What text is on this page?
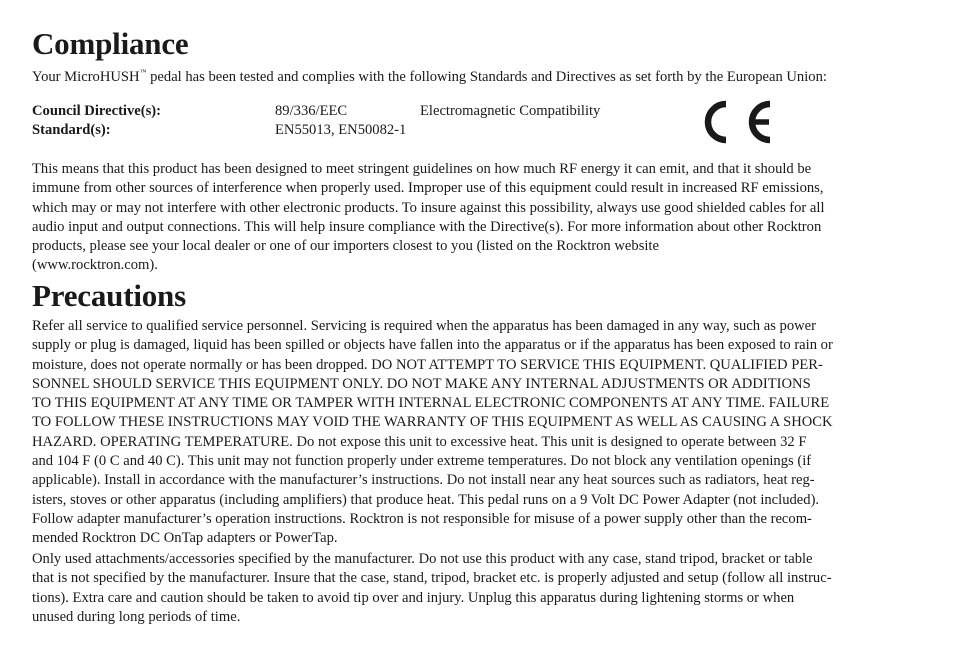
Compliance
Your MicroHUSH™ pedal has been tested and complies with the following Standards and Directives as set forth by the European Union:
Council Directive(s):	89/336/EEC	Electromagnetic Compatibility
Standard(s):	EN55013, EN50082-1

This means that this product has been designed to meet stringent guidelines on how much RF energy it can emit, and that it should be
immune from other sources of interference when properly used. Improper use of this equipment could result in increased RF emissions,
which may or may not interfere with other electronic products. To insure against this possibility, always use good shielded cables for all
audio input and output connections. This will help insure compliance with the Directive(s). For more information about other Rocktron
products, please see your local dealer or one of our importers closest to you (listed on the Rocktron website
(www.rocktron.com).

Precautions

Refer all service to qualified service personnel. Servicing is required when the apparatus has been damaged in any way, such as power
supply or plug is damaged, liquid has been spilled or objects have fallen into the apparatus or if the apparatus has been exposed to rain or
moisture, does not operate normally or has been dropped. DO NOT ATTEMPT TO SERVICE THIS EQUIPMENT. QUALIFIED PER-
SONNEL SHOULD SERVICE THIS EQUIPMENT ONLY. DO NOT MAKE ANY INTERNAL ADJUSTMENTS OR ADDITIONS
TO THIS EQUIPMENT AT ANY TIME OR TAMPER WITH INTERNAL ELECTRONIC COMPONENTS AT ANY TIME. FAILURE
TO FOLLOW THESE INSTRUCTIONS MAY VOID THE WARRANTY OF THIS EQUIPMENT AS WELL AS CAUSING A SHOCK
HAZARD. OPERATING TEMPERATURE. Do not expose this unit to excessive heat. This unit is designed to operate between 32 F
and 104 F (0 C and 40 C). This unit may not function properly under extreme temperatures. Do not block any ventilation openings (if
applicable). Install in accordance with the manufacturer’s instructions. Do not install near any heat sources such as radiators, heat reg-
isters, stoves or other apparatus (including amplifiers) that produce heat. This pedal runs on a 9 Volt DC Power Adapter (not included).
Follow adapter manufacturer’s operation instructions. Rocktron is not responsible for misuse of a power supply other than the recom-
mended Rocktron DC OnTap adapters or PowerTap.

Only used attachments/accessories specified by the manufacturer. Do not use this product with any case, stand tripod, bracket or table
that is not specified by the manufacturer. Insure that the case, stand, tripod, bracket etc. is properly adjusted and setup (follow all instruc-
tions). Extra care and caution should be taken to avoid tip over and injury. Unplug this apparatus during lightening storms or when
unused during long periods of time.
